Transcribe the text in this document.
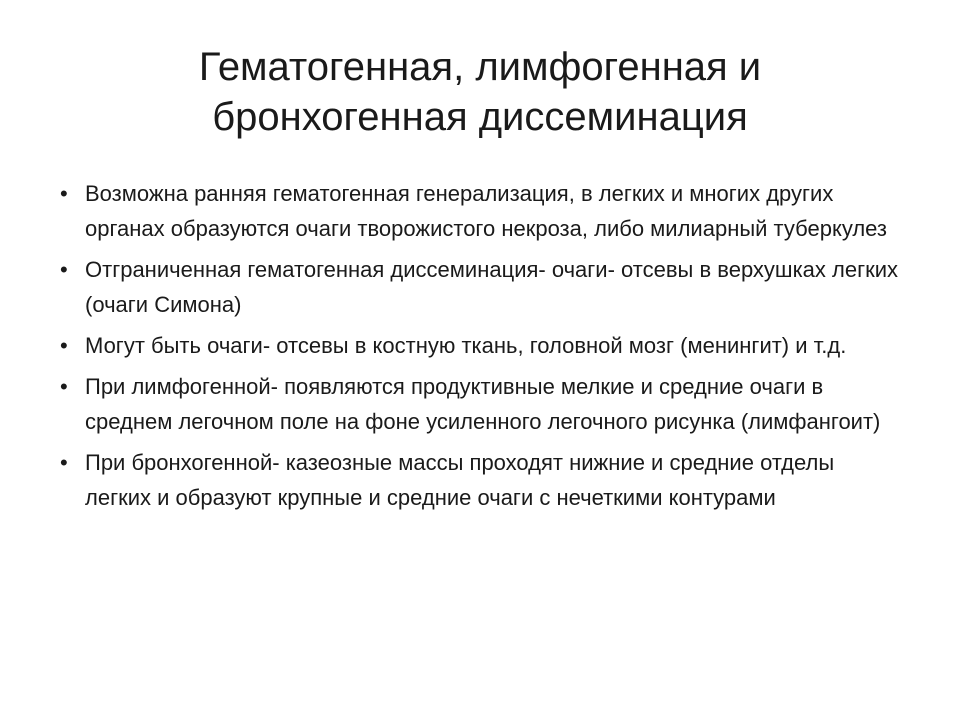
Гематогенная, лимфогенная и
бронхогенная диссеминация
• Возможна ранняя гематогенная генерализация, в легких и многих других органах образуются очаги творожистого некроза, либо милиарный туберкулез
• Отграниченная гематогенная диссеминация- очаги- отсевы в верхушках легких (очаги Симона)
• Могут быть очаги- отсевы в костную ткань, головной мозг (менингит) и т.д.
• При лимфогенной- появляются продуктивные мелкие и средние очаги в среднем легочном поле на фоне усиленного легочного рисунка (лимфангоит)
• При бронхогенной- казеозные массы проходят нижние и средние отделы легких и образуют крупные и средние очаги с нечеткими контурами
